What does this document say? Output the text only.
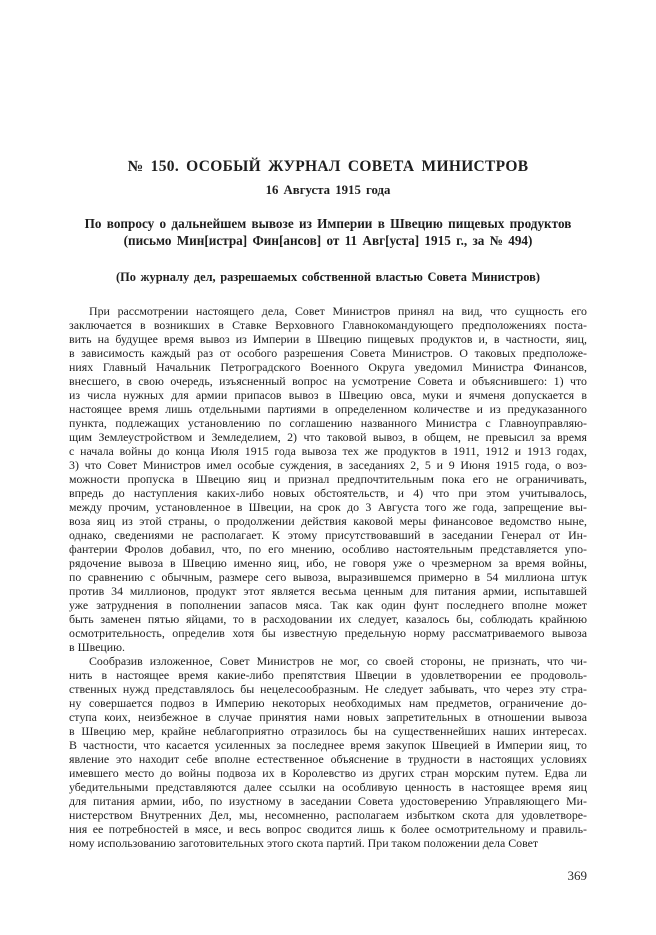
№ 150. ОСОБЫЙ ЖУРНАЛ СОВЕТА МИНИСТРОВ
16 Августа 1915 года
По вопросу о дальнейшем вывозе из Империи в Швецию пищевых продуктов
(письмо Мин[истра] Фин[ансов] от 11 Авг[уста] 1915 г., за № 494)
(По журналу дел, разрешаемых собственной властью Совета Министров)
При рассмотрении настоящего дела, Совет Министров принял на вид, что сущность его
заключается в возникших в Ставке Верховного Главнокомандующего предположениях поста-
вить на будущее время вывоз из Империи в Швецию пищевых продуктов и, в частности, яиц,
в зависимость каждый раз от особого разрешения Совета Министров. О таковых предположе-
ниях Главный Начальник Петроградского Военного Округа уведомил Министра Финансов,
внесшего, в свою очередь, изъясненный вопрос на усмотрение Совета и объяснившего: 1) что
из числа нужных для армии припасов вывоз в Швецию овса, муки и ячменя допускается в
настоящее время лишь отдельными партиями в определенном количестве и из предуказанного
пункта, подлежащих установлению по соглашению названного Министра с Главноуправляю-
щим Землеустройством и Земледелием, 2) что таковой вывоз, в общем, не превысил за время
с начала войны до конца Июля 1915 года вывоза тех же продуктов в 1911, 1912 и 1913 годах,
3) что Совет Министров имел особые суждения, в заседаниях 2, 5 и 9 Июня 1915 года, о воз-
можности пропуска в Швецию яиц и признал предпочтительным пока его не ограничивать,
впредь до наступления каких-либо новых обстоятельств, и 4) что при этом учитывалось,
между прочим, установленное в Швеции, на срок до 3 Августа того же года, запрещение вы-
воза яиц из этой страны, о продолжении действия каковой меры финансовое ведомство ныне,
однако, сведениями не располагает. К этому присутствовавший в заседании Генерал от Ин-
фантерии Фролов добавил, что, по его мнению, особливо настоятельным представляется упо-
рядочение вывоза в Швецию именно яиц, ибо, не говоря уже о чрезмерном за время войны,
по сравнению с обычным, размере сего вывоза, выразившемся примерно в 54 миллиона штук
против 34 миллионов, продукт этот является весьма ценным для питания армии, испытавшей
уже затруднения в пополнении запасов мяса. Так как один фунт последнего вполне может
быть заменен пятью яйцами, то в расходовании их следует, казалось бы, соблюдать крайнюю
осмотрительность, определив хотя бы известную предельную норму рассматриваемого вывоза
в Швецию.
Сообразив изложенное, Совет Министров не мог, со своей стороны, не признать, что чи-
нить в настоящее время какие-либо препятствия Швеции в удовлетворении ее продоволь-
ственных нужд представлялось бы нецелесообразным. Не следует забывать, что через эту стра-
ну совершается подвоз в Империю некоторых необходимых нам предметов, ограничение до-
ступа коих, неизбежное в случае принятия нами новых запретительных в отношении вывоза
в Швецию мер, крайне неблагоприятно отразилось бы на существеннейших наших интересах.
В частности, что касается усиленных за последнее время закупок Швецией в Империи яиц, то
явление это находит себе вполне естественное объяснение в трудности в настоящих условиях
имевшего место до войны подвоза их в Королевство из других стран морским путем. Едва ли
убедительными представляются далее ссылки на особливую ценность в настоящее время яиц
для питания армии, ибо, по изустному в заседании Совета удостоверению Управляющего Ми-
нистерством Внутренних Дел, мы, несомненно, располагаем избытком скота для удовлетворе-
ния ее потребностей в мясе, и весь вопрос сводится лишь к более осмотрительному и правиль-
ному использованию заготовительных этого скота партий. При таком положении дела Совет
369
